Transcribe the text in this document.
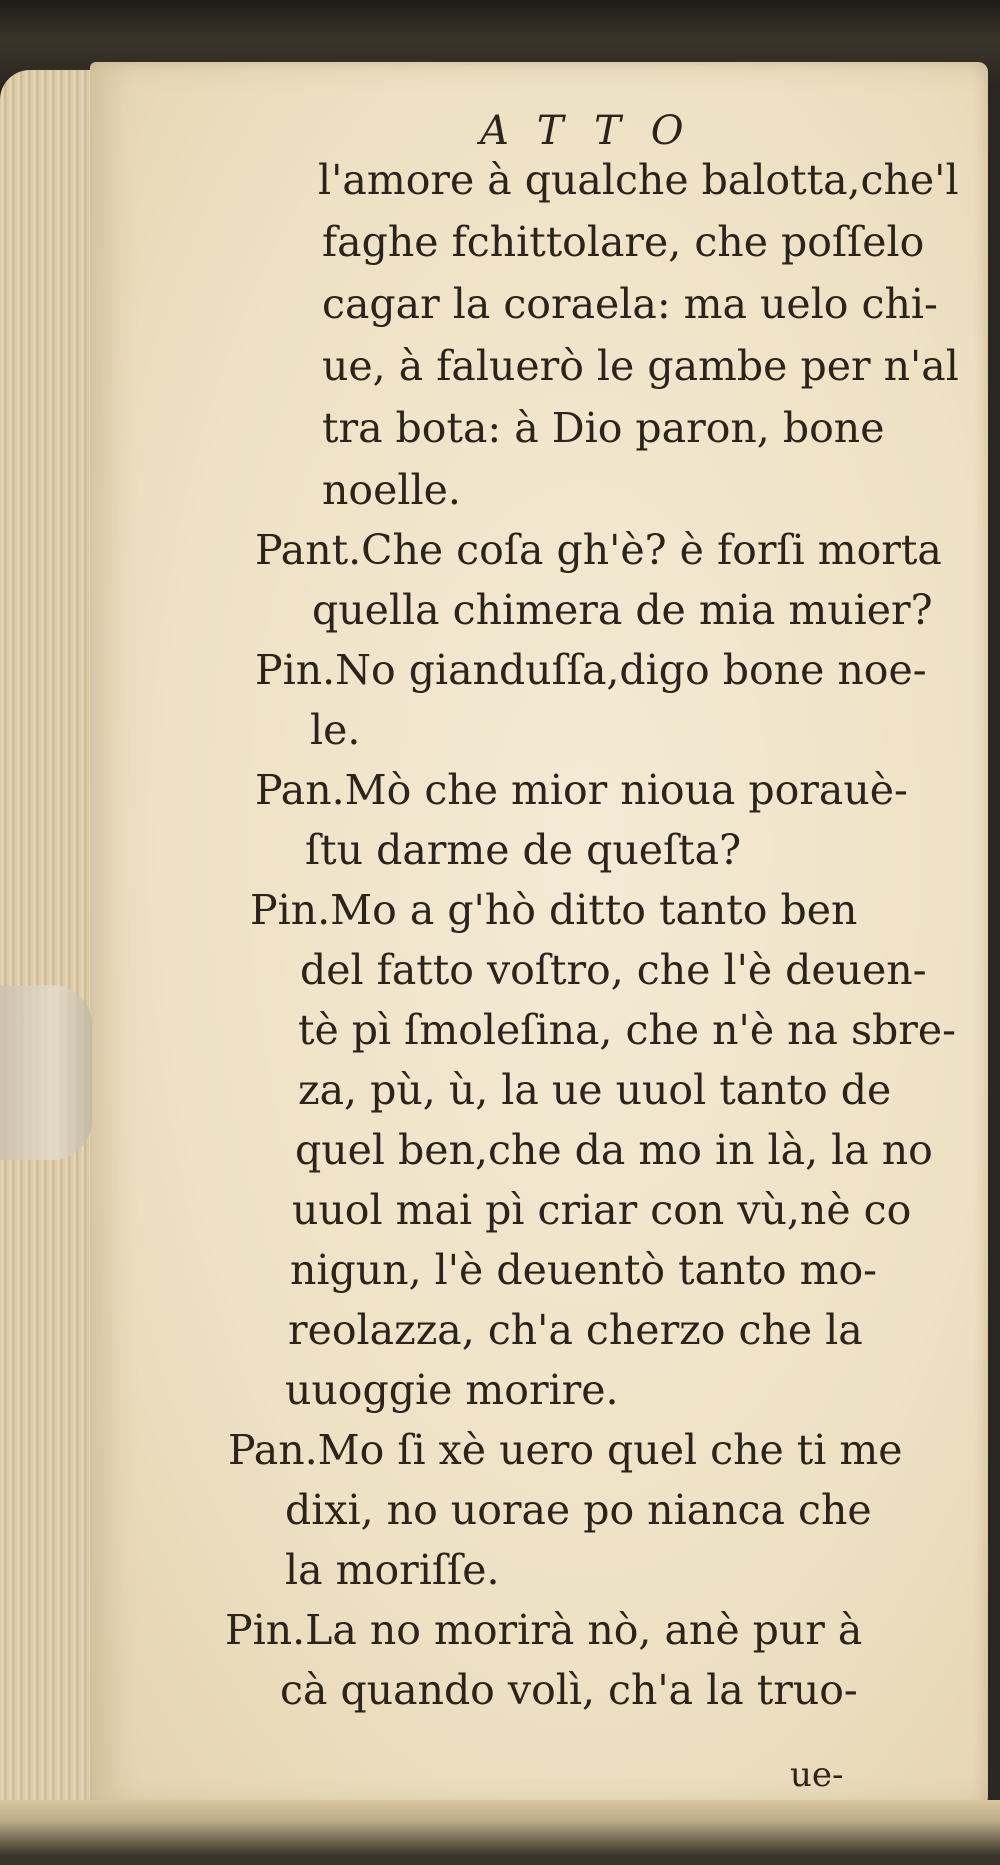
ATTO
l'amore à qualche balotta,che'l
faghe fchittolare, che poſſelo
cagar la coraela: ma uelo chi-
ue, à faluerò le gambe per n'al
tra bota: à Dio paron, bone
noelle.
Pant.Che coſa gh'è? è forſi morta
quella chimera de mia muier?
Pin.No gianduſſa,digo bone noe-
le.
Pan.Mò che mior nioua porauè-
ſtu darme de queſta?
Pin.Mo a g'hò ditto tanto ben
del fatto voſtro, che l'è deuen-
tè pì ſmoleſina, che n'è na sbre-
za, pù, ù, la ue uuol tanto de
quel ben,che da mo in là, la no
uuol mai pì criar con vù,nè co
nigun, l'è deuentò tanto mo-
reolazza, ch'a cherzo che la
uuoggie morire.
Pan.Mo ſi xè uero quel che ti me
dixi, no uorae po nianca che
la moriſſe.
Pin.La no morirà nò, anè pur à
cà quando volì, ch'a la truo-
ue-
